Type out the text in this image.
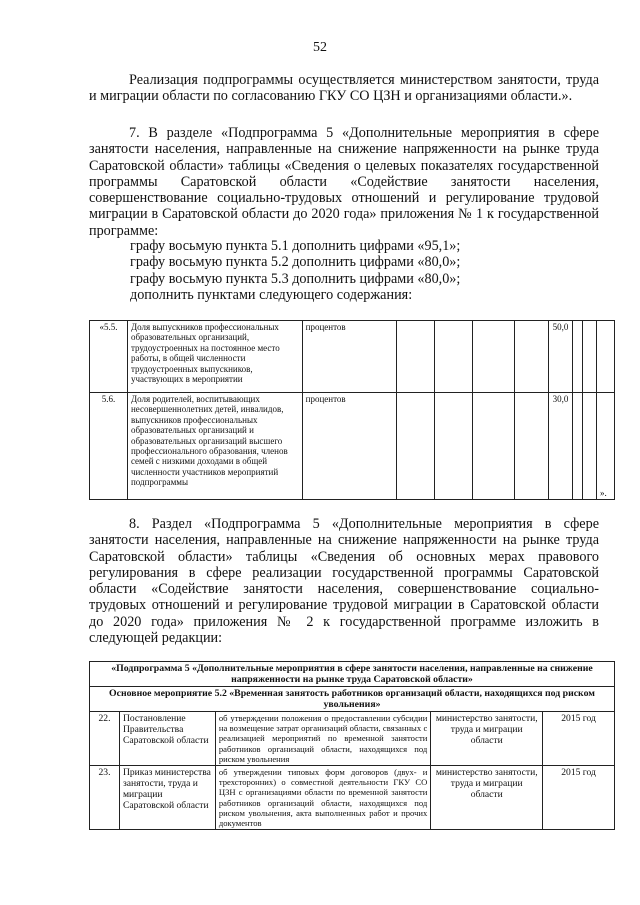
52

Реализация подпрограммы осуществляется министерством занятости, труда и миграции области по согласованию ГКУ СО ЦЗН и организациями области.».

7. В разделе «Подпрограмма 5 «Дополнительные мероприятия в сфере занятости населения, направленные на снижение напряженности на рынке труда Саратовской области» таблицы «Сведения о целевых показателях государственной программы Саратовской области «Содействие занятости населения, совершенствование социально-трудовых отношений и регулирование трудовой миграции в Саратовской области до 2020 года» приложения № 1 к государственной программе:

графу восьмую пункта 5.1 дополнить цифрами «95,1»;
графу восьмую пункта 5.2 дополнить цифрами «80,0»;
графу восьмую пункта 5.3 дополнить цифрами «80,0»;
дополнить пунктами следующего содержания:
«5.5.	Доля выпускников профессиональных образовательных организаций, трудоустроенных на постоянное место работы, в общей численности трудоустроенных выпускников, участвующих в мероприятии	процентов					50,0			
5.6.	Доля родителей, воспитывающих несовершеннолетних детей, инвалидов, выпускников профессиональных образовательных организаций и образовательных организаций высшего профессионального образования, членов семей с низкими доходами в общей численности участников мероприятий подпрограммы	процентов					30,0			».

8. Раздел «Подпрограмма 5 «Дополнительные мероприятия в сфере занятости населения, направленные на снижение напряженности на рынке труда Саратовской области» таблицы «Сведения об основных мерах правового регулирования в сфере реализации государственной программы Саратовской области «Содействие занятости населения, совершенствование социально-трудовых отношений и регулирование трудовой миграции в Саратовской области до 2020 года» приложения № 2 к государственной программе изложить в следующей редакции:

«Подпрограмма 5 «Дополнительные мероприятия в сфере занятости населения, направленные на снижение напряженности на рынке труда Саратовской области»				
Основное мероприятие 5.2 «Временная занятость работников организаций области, находящихся под риском увольнения»				
22.	Постановление Правительства Саратовской области	об утверждении положения о предоставлении субсидии на возмещение затрат организаций области, связанных с реализацией мероприятий по временной занятости работников организаций области, находящихся под риском увольнения	министерство занятости, труда и миграции области	2015 год
23.	Приказ министерства занятости, труда и миграции Саратовской области	об утверждении типовых форм договоров (двух- и трехсторонних) о совместной деятельности ГКУ СО ЦЗН с организациями области по временной занятости работников организаций области, находящихся под риском увольнения, акта выполненных работ и прочих документов	министерство занятости, труда и миграции области	2015 год
